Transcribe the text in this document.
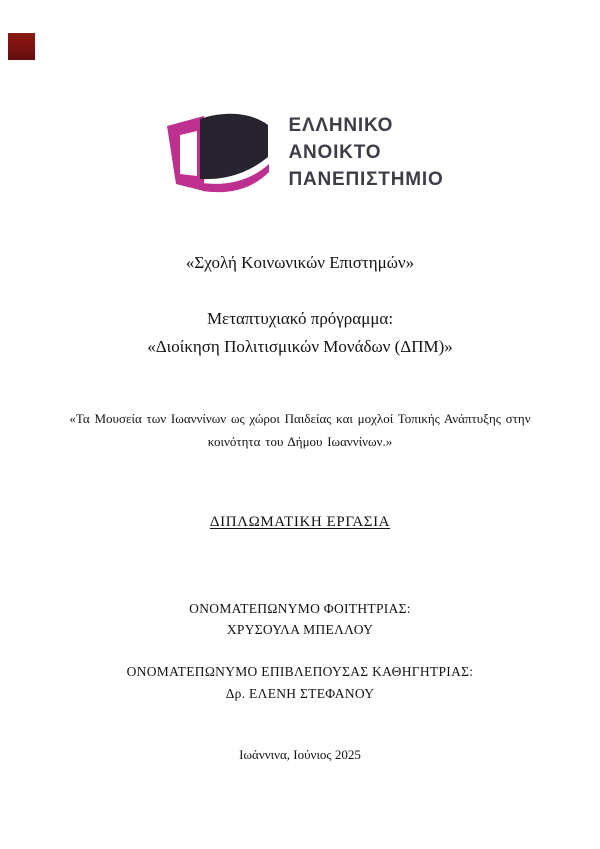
ΕΛΛΗΝΙΚΟ
ΑΝΟΙΚΤΟ
ΠΑΝΕΠΙΣΤΗΜΙΟ
«Σχολή Κοινωνικών Επιστημών»
Μεταπτυχιακό πρόγραμμα:
«Διοίκηση Πολιτισμικών Μονάδων (ΔΠΜ)»
«Τα Μουσεία των Ιωαννίνων ως χώροι Παιδείας και μοχλοί Τοπικής Ανάπτυξης στην κοινότητα του Δήμου Ιωαννίνων.»
ΔΙΠΛΩΜΑΤΙΚΗ ΕΡΓΑΣΙΑ
ΟΝΟΜΑΤΕΠΩΝΥΜΟ ΦΟΙΤΗΤΡΙΑΣ:
ΧΡΥΣΟΥΛΑ ΜΠΕΛΛΟΥ
ΟΝΟΜΑΤΕΠΩΝΥΜΟ ΕΠΙΒΛΕΠΟΥΣΑΣ ΚΑΘΗΓΗΤΡΙΑΣ:
Δρ. ΕΛΕΝΗ ΣΤΕΦΑΝΟΥ
Ιωάννινα, Ιούνιος 2025
